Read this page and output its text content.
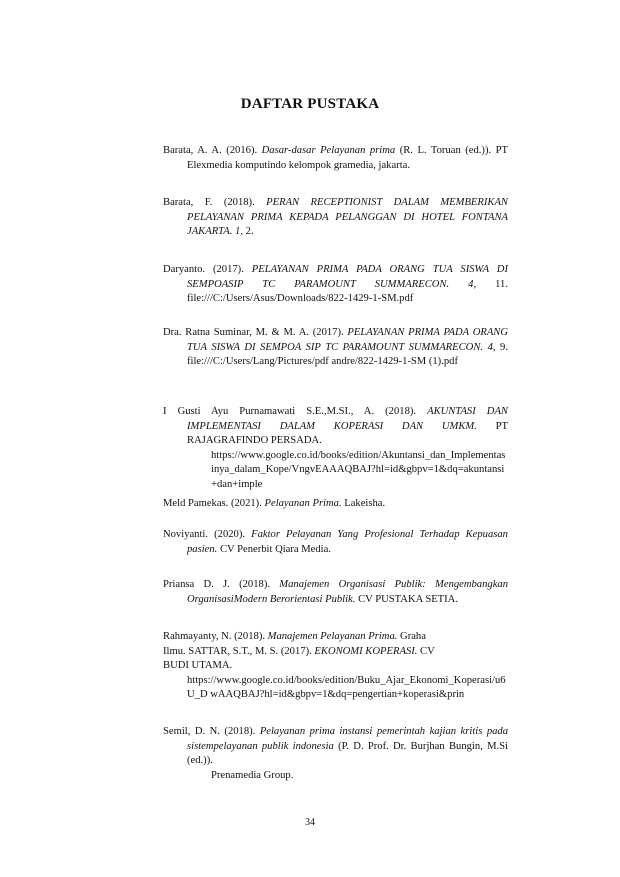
DAFTAR PUSTAKA
Barata, A. A. (2016). Dasar-dasar Pelayanan prima (R. L. Toruan (ed.)). PT Elexmedia komputindo kelompok gramedia, jakarta.
Barata, F. (2018). PERAN RECEPTIONIST DALAM MEMBERIKAN PELAYANAN PRIMA KEPADA PELANGGAN DI HOTEL FONTANA JAKARTA. 1, 2.
Daryanto. (2017). PELAYANAN PRIMA PADA ORANG TUA SISWA DI SEMPOASIP TC PARAMOUNT SUMMARECON. 4, 11. file:///C:/Users/Asus/Downloads/822-1429-1-SM.pdf
Dra. Ratna Suminar, M. & M. A. (2017). PELAYANAN PRIMA PADA ORANG TUA SISWA DI SEMPOA SIP TC PARAMOUNT SUMMARECON. 4, 9. file:///C:/Users/Lang/Pictures/pdf andre/822-1429-1-SM (1).pdf
I Gusti Ayu Purnamawati S.E.,M.SI., A. (2018). AKUNTASI DAN IMPLEMENTASI DALAM KOPERASI DAN UMKM. PT RAJAGRAFINDO PERSADA.
https://www.google.co.id/books/edition/Akuntansi_dan_Implementasinya_dalam_Kope/VngvEAAAQBAJ?hl=id&gbpv=1&dq=akuntansi+dan+imple
Meld Pamekas. (2021). Pelayanan Prima. Lakeisha.
Noviyanti. (2020). Faktor Pelayanan Yang Profesional Terhadap Kepuasan pasien. CV Penerbit Qiara Media.
Priansa D. J. (2018). Manajemen Organisasi Publik: Mengembangkan OrganisasiModern Berorientasi Publik. CV PUSTAKA SETIA.
Rahmayanty, N. (2018). Manajemen Pelayanan Prima. Graha
Ilmu. SATTAR, S.T., M. S. (2017). EKONOMI KOPERASI. CV
BUDI UTAMA.
https://www.google.co.id/books/edition/Buku_Ajar_Ekonomi_Koperasi/u6U_D wAAQBAJ?hl=id&gbpv=1&dq=pengertian+koperasi&prin
Semil, D. N. (2018). Pelayanan prima instansi pemerintah kajian kritis pada sistempelayanan publik indonesia (P. D. Prof. Dr. Burjhan Bungin, M.Si (ed.)).
Prenamedia Group.
34
